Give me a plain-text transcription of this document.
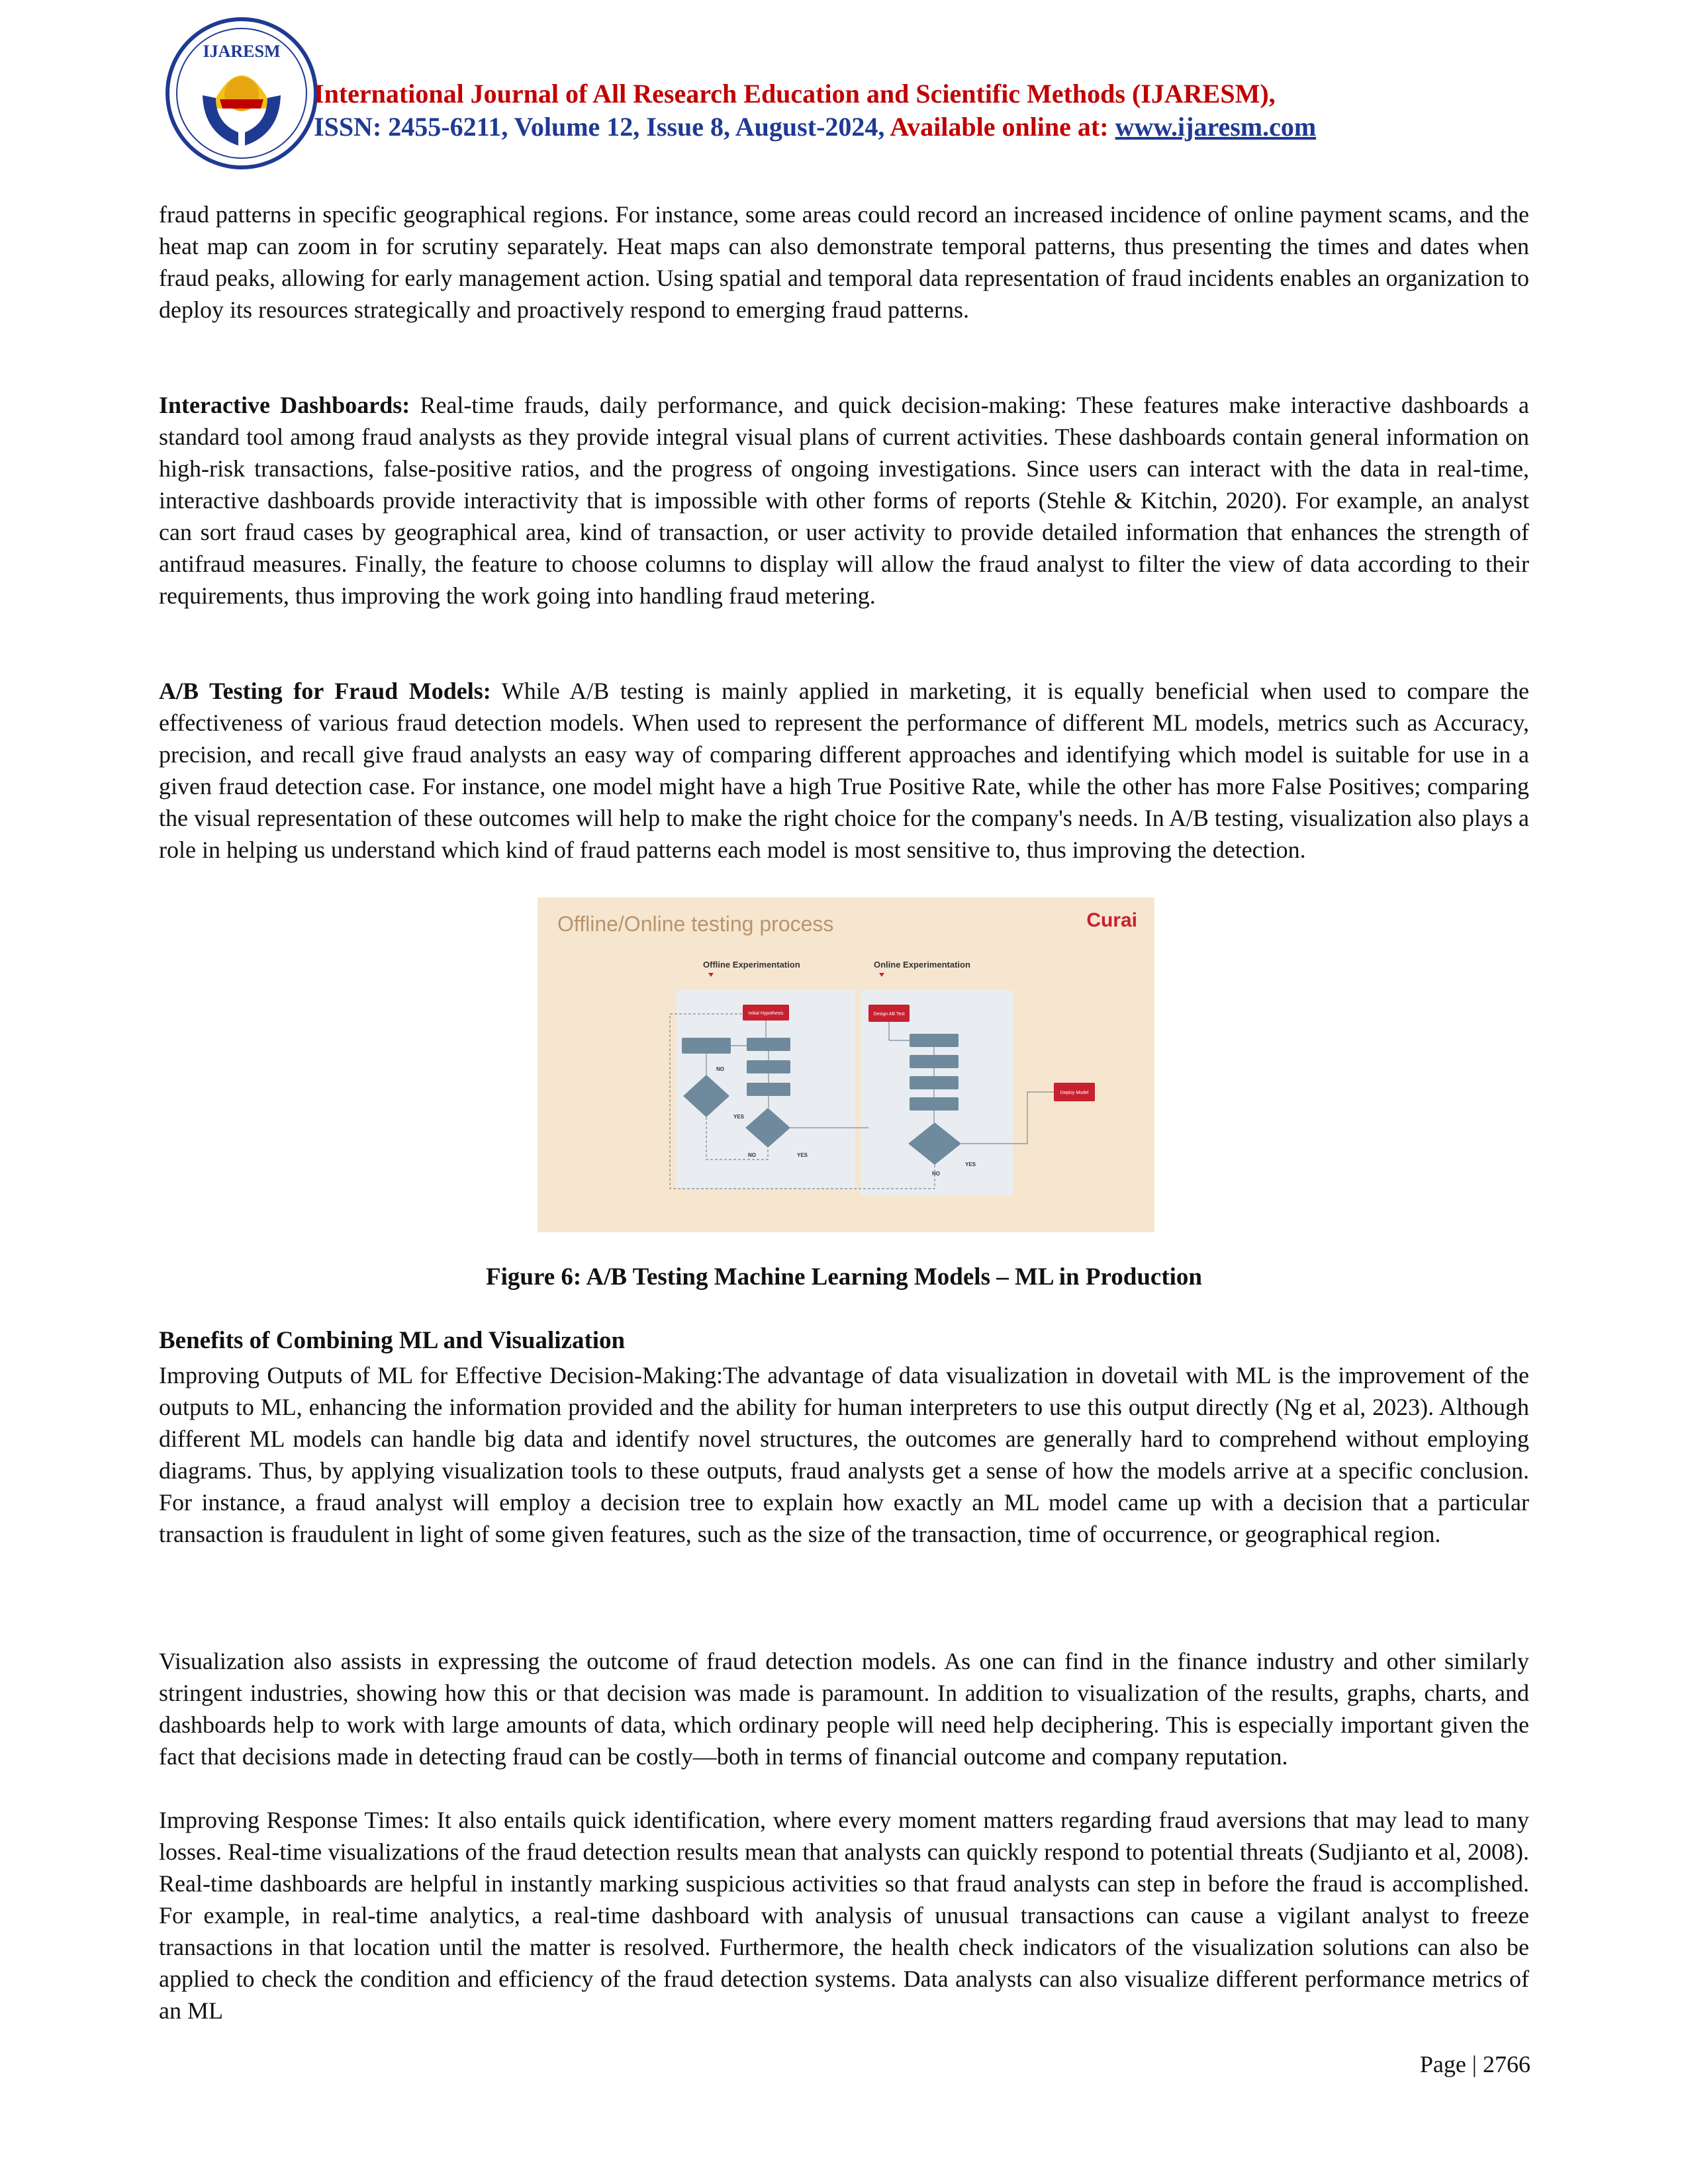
IJARESM
International Journal of All Research Education and Scientific Methods (IJARESM),
ISSN: 2455-6211, Volume 12, Issue 8, August-2024, Available online at: www.ijaresm.com

fraud patterns in specific geographical regions. For instance, some areas could record an increased incidence of online payment scams, and the heat map can zoom in for scrutiny separately. Heat maps can also demonstrate temporal patterns, thus presenting the times and dates when fraud peaks, allowing for early management action. Using spatial and temporal data representation of fraud incidents enables an organization to deploy its resources strategically and proactively respond to emerging fraud patterns.

Interactive Dashboards: Real-time frauds, daily performance, and quick decision-making: These features make interactive dashboards a standard tool among fraud analysts as they provide integral visual plans of current activities. These dashboards contain general information on high-risk transactions, false-positive ratios, and the progress of ongoing investigations. Since users can interact with the data in real-time, interactive dashboards provide interactivity that is impossible with other forms of reports (Stehle & Kitchin, 2020). For example, an analyst can sort fraud cases by geographical area, kind of transaction, or user activity to provide detailed information that enhances the strength of antifraud measures. Finally, the feature to choose columns to display will allow the fraud analyst to filter the view of data according to their requirements, thus improving the work going into handling fraud metering.

A/B Testing for Fraud Models: While A/B testing is mainly applied in marketing, it is equally beneficial when used to compare the effectiveness of various fraud detection models. When used to represent the performance of different ML models, metrics such as Accuracy, precision, and recall give fraud analysts an easy way of comparing different approaches and identifying which model is suitable for use in a given fraud detection case. For instance, one model might have a high True Positive Rate, while the other has more False Positives; comparing the visual representation of these outcomes will help to make the right choice for the company's needs. In A/B testing, visualization also plays a role in helping us understand which kind of fraud patterns each model is most sensitive to, thus improving the detection.

Offline/Online testing process	Curai
Offline Experimentation	Online Experimentation
Initial Hypothesis
NO
YES
NO	YES
Design AB Test
YES
NO
Deploy Model
Figure 6: A/B Testing Machine Learning Models – ML in Production
Benefits of Combining ML and Visualization

Improving Outputs of ML for Effective Decision-Making:The advantage of data visualization in dovetail with ML is the improvement of the outputs to ML, enhancing the information provided and the ability for human interpreters to use this output directly (Ng et al, 2023). Although different ML models can handle big data and identify novel structures, the outcomes are generally hard to comprehend without employing diagrams. Thus, by applying visualization tools to these outputs, fraud analysts get a sense of how the models arrive at a specific conclusion. For instance, a fraud analyst will employ a decision tree to explain how exactly an ML model came up with a decision that a particular transaction is fraudulent in light of some given features, such as the size of the transaction, time of occurrence, or geographical region.

Visualization also assists in expressing the outcome of fraud detection models. As one can find in the finance industry and other similarly stringent industries, showing how this or that decision was made is paramount. In addition to visualization of the results, graphs, charts, and dashboards help to work with large amounts of data, which ordinary people will need help deciphering. This is especially important given the fact that decisions made in detecting fraud can be costly—both in terms of financial outcome and company reputation.

Improving Response Times: It also entails quick identification, where every moment matters regarding fraud aversions that may lead to many losses. Real-time visualizations of the fraud detection results mean that analysts can quickly respond to potential threats (Sudjianto et al, 2008). Real-time dashboards are helpful in instantly marking suspicious activities so that fraud analysts can step in before the fraud is accomplished. For example, in real-time analytics, a real-time dashboard with analysis of unusual transactions can cause a vigilant analyst to freeze transactions in that location until the matter is resolved. Furthermore, the health check indicators of the visualization solutions can also be applied to check the condition and efficiency of the fraud detection systems. Data analysts can also visualize different performance metrics of an ML

Page | 2766
